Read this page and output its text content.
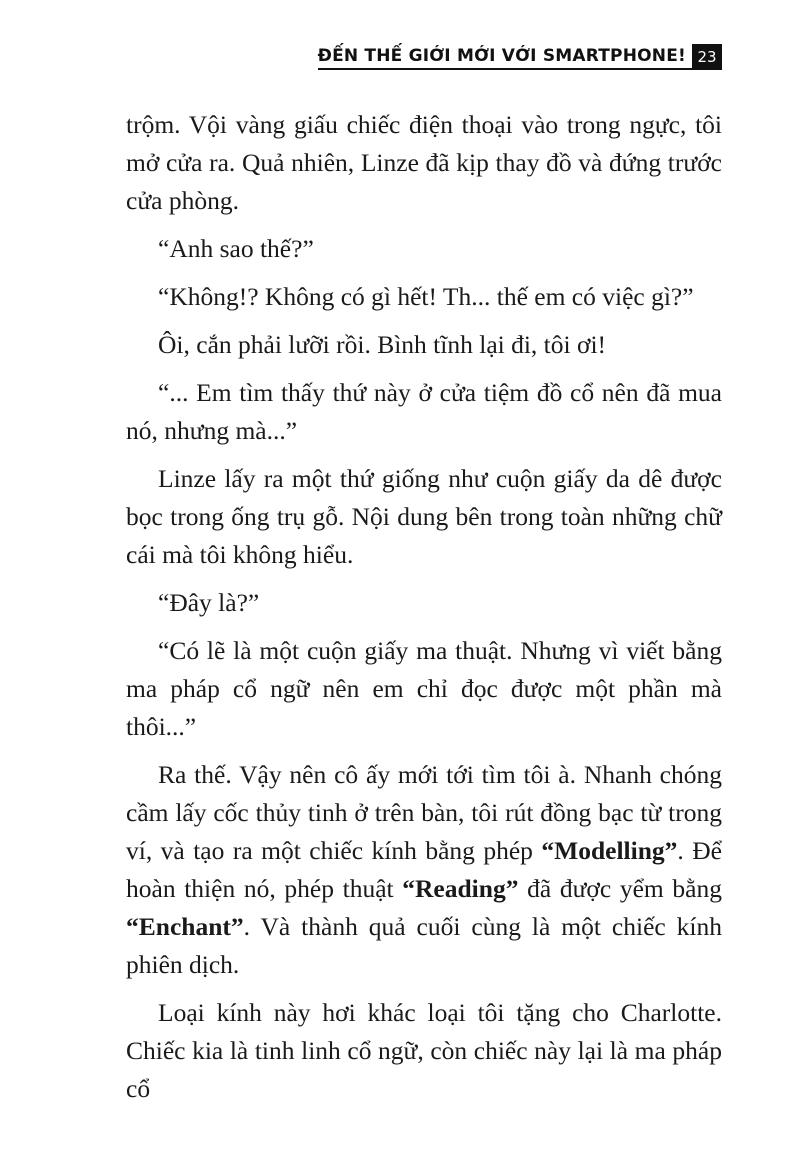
ĐẾN THẾ GIỚI MỚI VỚI SMARTPHONE! 23

trộm. Vội vàng giấu chiếc điện thoại vào trong ngực, tôi mở cửa ra. Quả nhiên, Linze đã kịp thay đồ và đứng trước cửa phòng.

“Anh sao thế?”

“Không!? Không có gì hết! Th... thế em có việc gì?”

Ôi, cắn phải lưỡi rồi. Bình tĩnh lại đi, tôi ơi!

“... Em tìm thấy thứ này ở cửa tiệm đồ cổ nên đã mua nó, nhưng mà...”

Linze lấy ra một thứ giống như cuộn giấy da dê được bọc trong ống trụ gỗ. Nội dung bên trong toàn những chữ cái mà tôi không hiểu.

“Đây là?”

“Có lẽ là một cuộn giấy ma thuật. Nhưng vì viết bằng ma pháp cổ ngữ nên em chỉ đọc được một phần mà thôi...”

Ra thế. Vậy nên cô ấy mới tới tìm tôi à. Nhanh chóng cầm lấy cốc thủy tinh ở trên bàn, tôi rút đồng bạc từ trong ví, và tạo ra một chiếc kính bằng phép “Modelling”. Để hoàn thiện nó, phép thuật “Reading” đã được yểm bằng “Enchant”. Và thành quả cuối cùng là một chiếc kính phiên dịch.

Loại kính này hơi khác loại tôi tặng cho Charlotte. Chiếc kia là tinh linh cổ ngữ, còn chiếc này lại là ma pháp cổ
